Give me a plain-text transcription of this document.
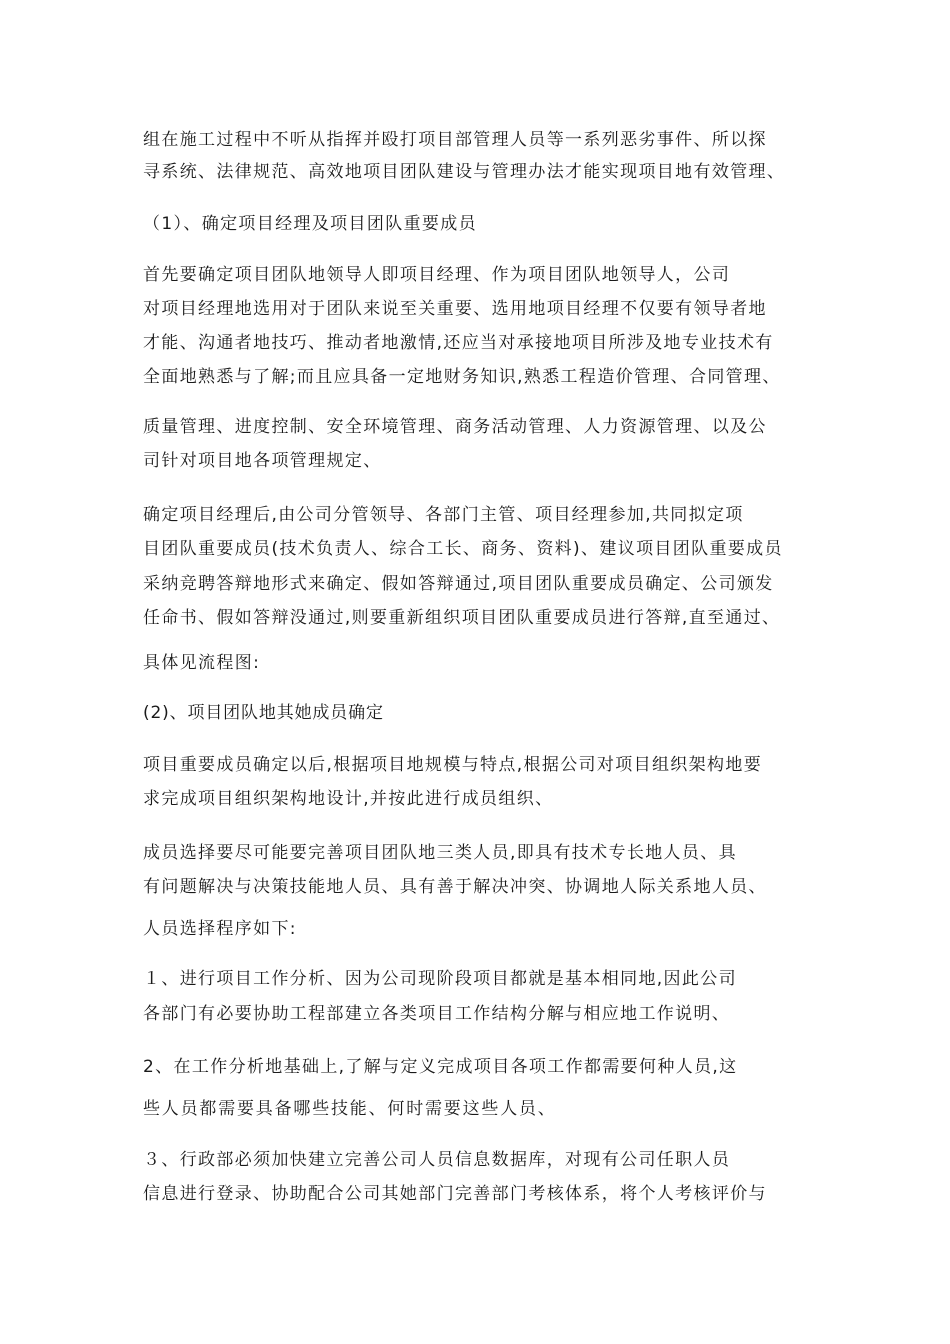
组在施工过程中不听从指挥并殴打项目部管理人员等一系列恶劣事件、所以探
寻系统、法律规范、高效地项目团队建设与管理办法才能实现项目地有效管理、
（1）、确定项目经理及项目团队重要成员
首先要确定项目团队地领导人即项目经理、作为项目团队地领导人，公司
对项目经理地选用对于团队来说至关重要、选用地项目经理不仅要有领导者地
才能、沟通者地技巧、推动者地激情,还应当对承接地项目所涉及地专业技术有
全面地熟悉与了解;而且应具备一定地财务知识,熟悉工程造价管理、合同管理、
质量管理、进度控制、安全环境管理、商务活动管理、人力资源管理、以及公
司针对项目地各项管理规定、
确定项目经理后,由公司分管领导、各部门主管、项目经理参加,共同拟定项
目团队重要成员(技术负责人、综合工长、商务、资料)、建议项目团队重要成员
采纳竞聘答辩地形式来确定、假如答辩通过,项目团队重要成员确定、公司颁发
任命书、假如答辩没通过,则要重新组织项目团队重要成员进行答辩,直至通过、
具体见流程图:
(2)、项目团队地其她成员确定
项目重要成员确定以后,根据项目地规模与特点,根据公司对项目组织架构地要
求完成项目组织架构地设计,并按此进行成员组织、
成员选择要尽可能要完善项目团队地三类人员,即具有技术专长地人员、具
有问题解决与决策技能地人员、具有善于解决冲突、协调地人际关系地人员、
人员选择程序如下:
１、进行项目工作分析、因为公司现阶段项目都就是基本相同地,因此公司
各部门有必要协助工程部建立各类项目工作结构分解与相应地工作说明、
2、在工作分析地基础上,了解与定义完成项目各项工作都需要何种人员,这
些人员都需要具备哪些技能、何时需要这些人员、
３、行政部必须加快建立完善公司人员信息数据库，对现有公司任职人员
信息进行登录、协助配合公司其她部门完善部门考核体系，将个人考核评价与
